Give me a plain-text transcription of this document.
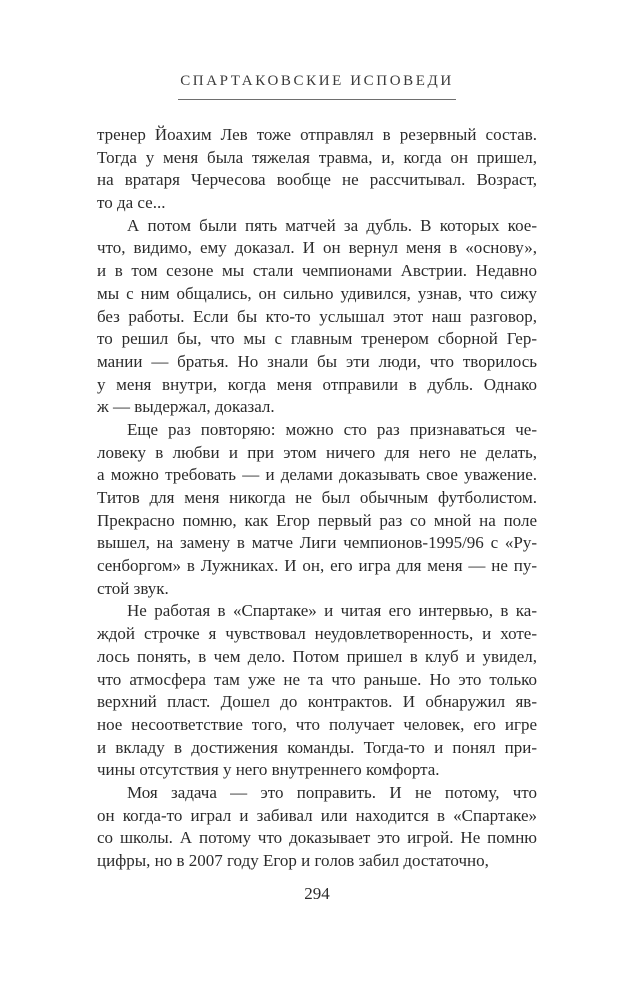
СПАРТАКОВСКИЕ ИСПОВЕДИ
тренер Йоахим Лев тоже отправлял в резервный состав.
Тогда у меня была тяжелая травма, и, когда он пришел,
на вратаря Черчесова вообще не рассчитывал. Возраст,
то да се...
А потом были пять матчей за дубль. В которых кое-
что, видимо, ему доказал. И он вернул меня в «основу»,
и в том сезоне мы стали чемпионами Австрии. Недавно
мы с ним общались, он сильно удивился, узнав, что сижу
без работы. Если бы кто-то услышал этот наш разговор,
то решил бы, что мы с главным тренером сборной Гер-
мании — братья. Но знали бы эти люди, что творилось
у меня внутри, когда меня отправили в дубль. Однако
ж — выдержал, доказал.
Еще раз повторяю: можно сто раз признаваться че-
ловеку в любви и при этом ничего для него не делать,
а можно требовать — и делами доказывать свое уважение.
Титов для меня никогда не был обычным футболистом.
Прекрасно помню, как Егор первый раз со мной на поле
вышел, на замену в матче Лиги чемпионов-1995/96 с «Ру-
сенборгом» в Лужниках. И он, его игра для меня — не пу-
стой звук.
Не работая в «Спартаке» и читая его интервью, в ка-
ждой строчке я чувствовал неудовлетворенность, и хоте-
лось понять, в чем дело. Потом пришел в клуб и увидел,
что атмосфера там уже не та что раньше. Но это только
верхний пласт. Дошел до контрактов. И обнаружил яв-
ное несоответствие того, что получает человек, его игре
и вкладу в достижения команды. Тогда-то и понял при-
чины отсутствия у него внутреннего комфорта.
Моя задача — это поправить. И не потому, что
он когда-то играл и забивал или находится в «Спартаке»
со школы. А потому что доказывает это игрой. Не помню
цифры, но в 2007 году Егор и голов забил достаточно,
294
